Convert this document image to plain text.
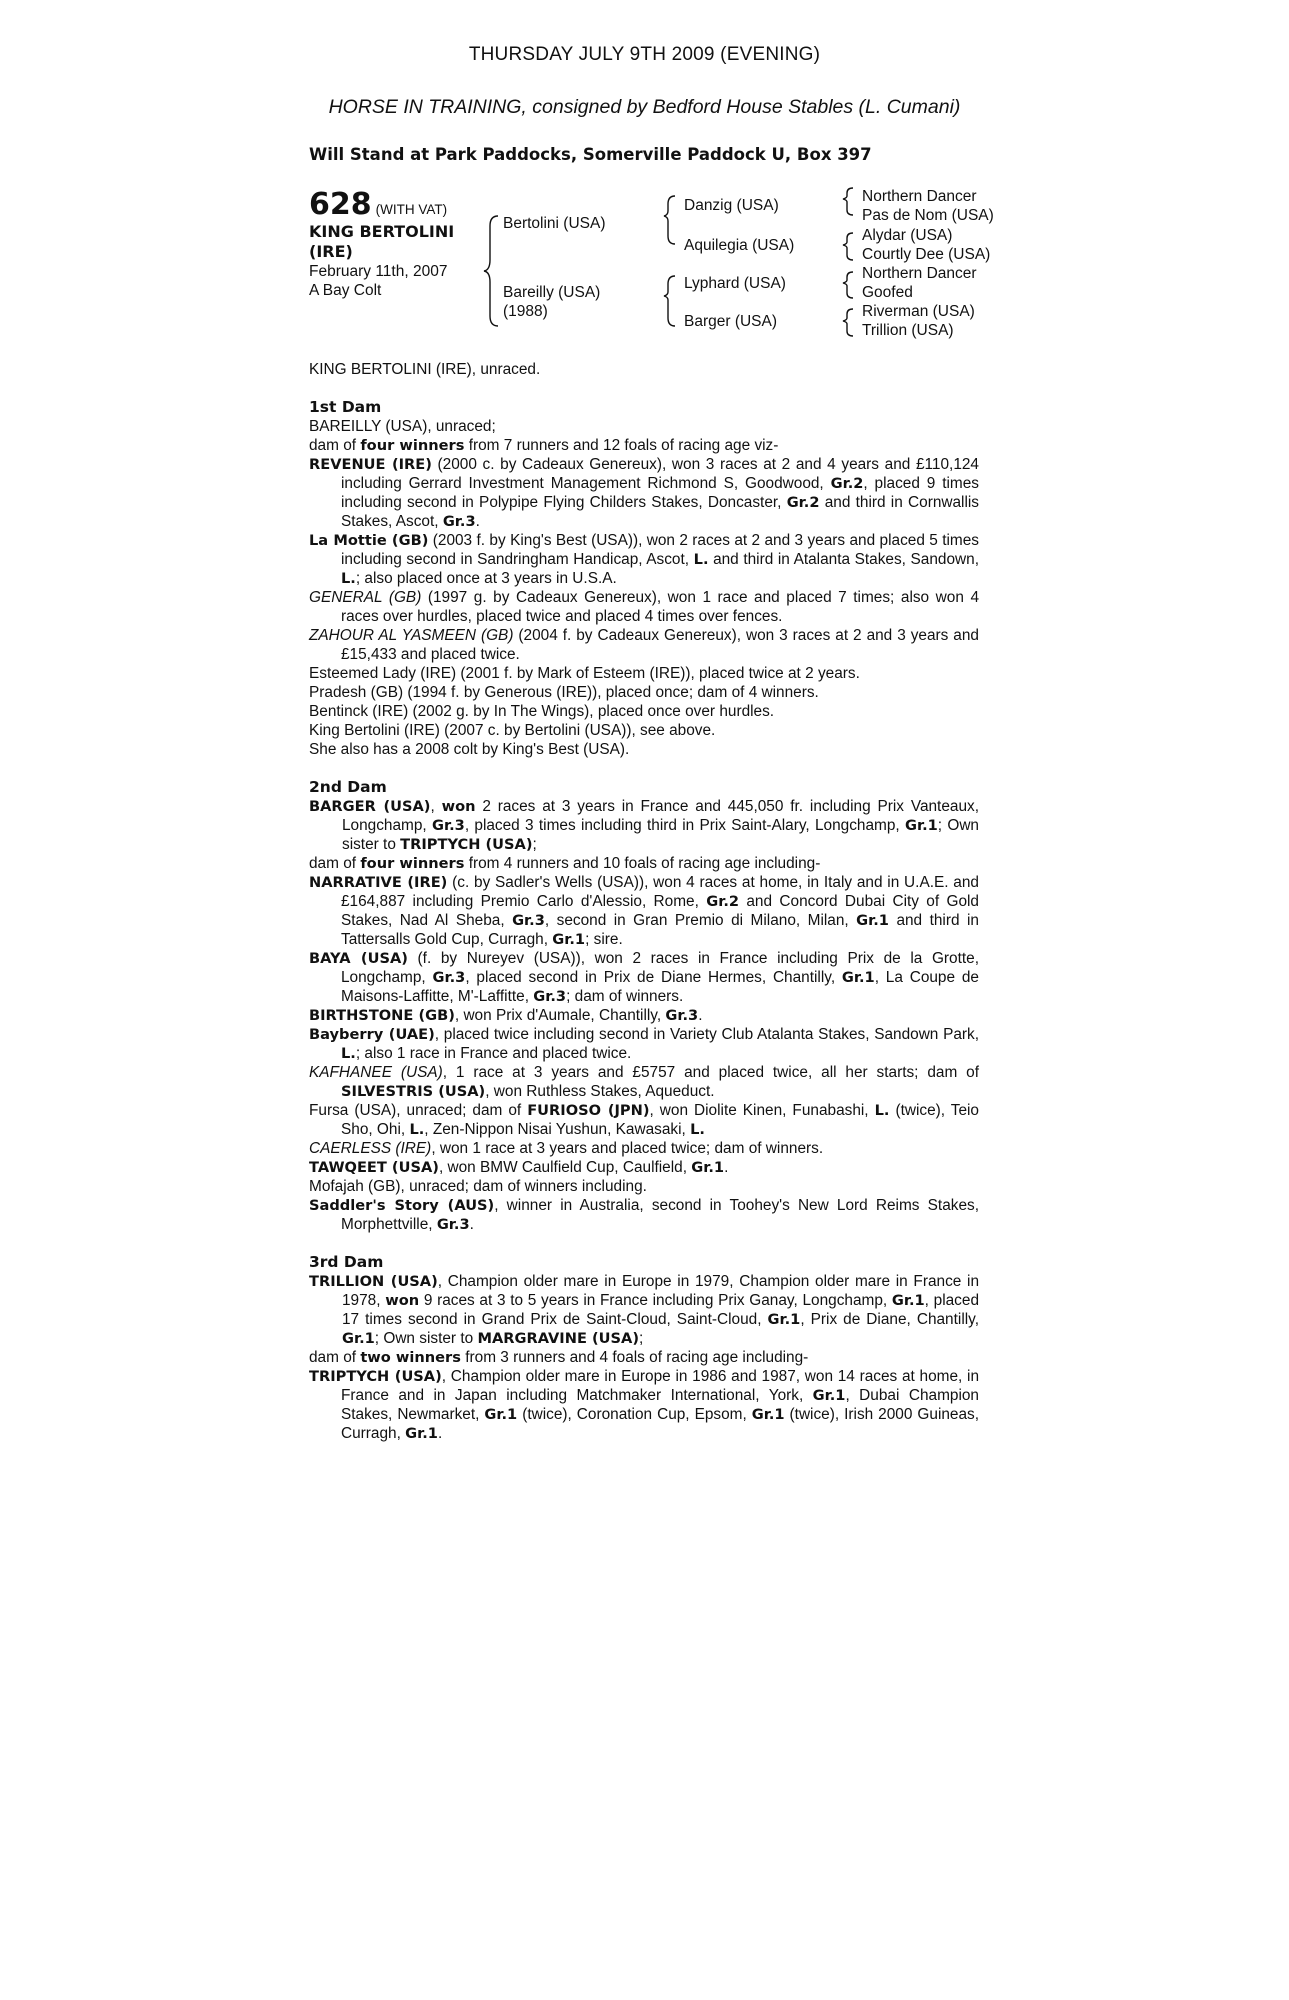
THURSDAY JULY 9TH 2009 (EVENING)
HORSE IN TRAINING, consigned by Bedford House Stables (L. Cumani)
Will Stand at Park Paddocks, Somerville Paddock U, Box 397
628 (WITH VAT)
KING BERTOLINI
(IRE)
February 11th, 2007
A Bay Colt
Bertolini (USA)
Bareilly (USA)
(1988)
Danzig (USA)
Aquilegia (USA)
Lyphard (USA)
Barger (USA)
Northern Dancer
Pas de Nom (USA)
Alydar (USA)
Courtly Dee (USA)
Northern Dancer
Goofed
Riverman (USA)
Trillion (USA)

KING BERTOLINI (IRE), unraced.

1st Dam

BAREILLY (USA), unraced;

dam of four winners from 7 runners and 12 foals of racing age viz-

REVENUE (IRE) (2000 c. by Cadeaux Genereux), won 3 races at 2 and 4 years and £110,124 including Gerrard Investment Management Richmond S, Goodwood, Gr.2, placed 9 times including second in Polypipe Flying Childers Stakes, Doncaster, Gr.2 and third in Cornwallis Stakes, Ascot, Gr.3.

La Mottie (GB) (2003 f. by King's Best (USA)), won 2 races at 2 and 3 years and placed 5 times including second in Sandringham Handicap, Ascot, L. and third in Atalanta Stakes, Sandown, L.; also placed once at 3 years in U.S.A.

GENERAL (GB) (1997 g. by Cadeaux Genereux), won 1 race and placed 7 times; also won 4 races over hurdles, placed twice and placed 4 times over fences.

ZAHOUR AL YASMEEN (GB) (2004 f. by Cadeaux Genereux), won 3 races at 2 and 3 years and £15,433 and placed twice.

Esteemed Lady (IRE) (2001 f. by Mark of Esteem (IRE)), placed twice at 2 years.

Pradesh (GB) (1994 f. by Generous (IRE)), placed once; dam of 4 winners.

Bentinck (IRE) (2002 g. by In The Wings), placed once over hurdles.

King Bertolini (IRE) (2007 c. by Bertolini (USA)), see above.

She also has a 2008 colt by King's Best (USA).

2nd Dam

BARGER (USA), won 2 races at 3 years in France and 445,050 fr. including Prix Vanteaux, Longchamp, Gr.3, placed 3 times including third in Prix Saint-Alary, Longchamp, Gr.1; Own sister to TRIPTYCH (USA);

dam of four winners from 4 runners and 10 foals of racing age including-

NARRATIVE (IRE) (c. by Sadler's Wells (USA)), won 4 races at home, in Italy and in U.A.E. and £164,887 including Premio Carlo d'Alessio, Rome, Gr.2 and Concord Dubai City of Gold Stakes, Nad Al Sheba, Gr.3, second in Gran Premio di Milano, Milan, Gr.1 and third in Tattersalls Gold Cup, Curragh, Gr.1; sire.

BAYA (USA) (f. by Nureyev (USA)), won 2 races in France including Prix de la Grotte, Longchamp, Gr.3, placed second in Prix de Diane Hermes, Chantilly, Gr.1, La Coupe de Maisons-Laffitte, M'-Laffitte, Gr.3; dam of winners.

BIRTHSTONE (GB), won Prix d'Aumale, Chantilly, Gr.3.

Bayberry (UAE), placed twice including second in Variety Club Atalanta Stakes, Sandown Park, L.; also 1 race in France and placed twice.

KAFHANEE (USA), 1 race at 3 years and £5757 and placed twice, all her starts; dam of SILVESTRIS (USA), won Ruthless Stakes, Aqueduct.

Fursa (USA), unraced; dam of FURIOSO (JPN), won Diolite Kinen, Funabashi, L. (twice), Teio Sho, Ohi, L., Zen-Nippon Nisai Yushun, Kawasaki, L.

CAERLESS (IRE), won 1 race at 3 years and placed twice; dam of winners.

TAWQEET (USA), won BMW Caulfield Cup, Caulfield, Gr.1.

Mofajah (GB), unraced; dam of winners including.

Saddler's Story (AUS), winner in Australia, second in Toohey's New Lord Reims Stakes, Morphettville, Gr.3.

3rd Dam

TRILLION (USA), Champion older mare in Europe in 1979, Champion older mare in France in 1978, won 9 races at 3 to 5 years in France including Prix Ganay, Longchamp, Gr.1, placed 17 times second in Grand Prix de Saint-Cloud, Saint-Cloud, Gr.1, Prix de Diane, Chantilly, Gr.1; Own sister to MARGRAVINE (USA);

dam of two winners from 3 runners and 4 foals of racing age including-

TRIPTYCH (USA), Champion older mare in Europe in 1986 and 1987, won 14 races at home, in France and in Japan including Matchmaker International, York, Gr.1, Dubai Champion Stakes, Newmarket, Gr.1 (twice), Coronation Cup, Epsom, Gr.1 (twice), Irish 2000 Guineas, Curragh, Gr.1.
